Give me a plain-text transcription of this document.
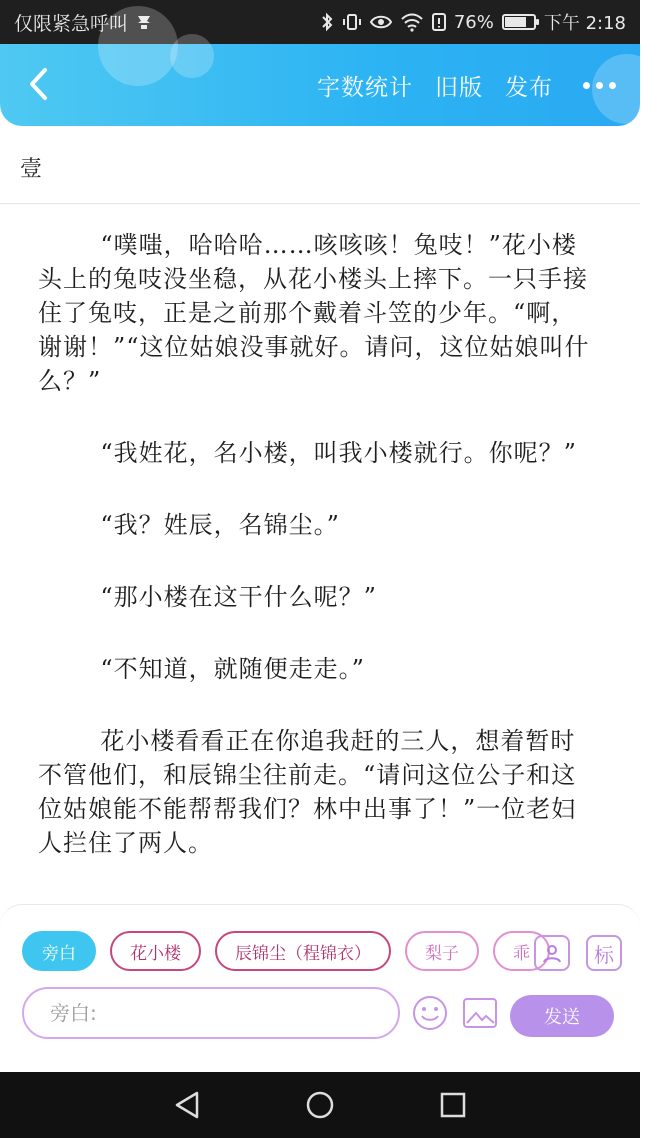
仅限紧急呼叫	76%	下午 2:18
字数统计 旧版 发布
壹

“噗嗤，哈哈哈……咳咳咳！兔吱！”花小楼头上的兔吱没坐稳，从花小楼头上摔下。一只手接住了兔吱，正是之前那个戴着斗笠的少年。“啊，谢谢！”“这位姑娘没事就好。请问，这位姑娘叫什么？”

“我姓花，名小楼，叫我小楼就行。你呢？”

“我？姓辰，名锦尘。”

“那小楼在这干什么呢？”

“不知道，就随便走走。”

花小楼看看正在你追我赶的三人，想着暂时不管他们，和辰锦尘往前走。“请问这位公子和这位姑娘能不能帮帮我们？林中出事了！”一位老妇人拦住了两人。

旁白	花小楼	辰锦尘（程锦衣）	梨子	乖	标
旁白:
发送
